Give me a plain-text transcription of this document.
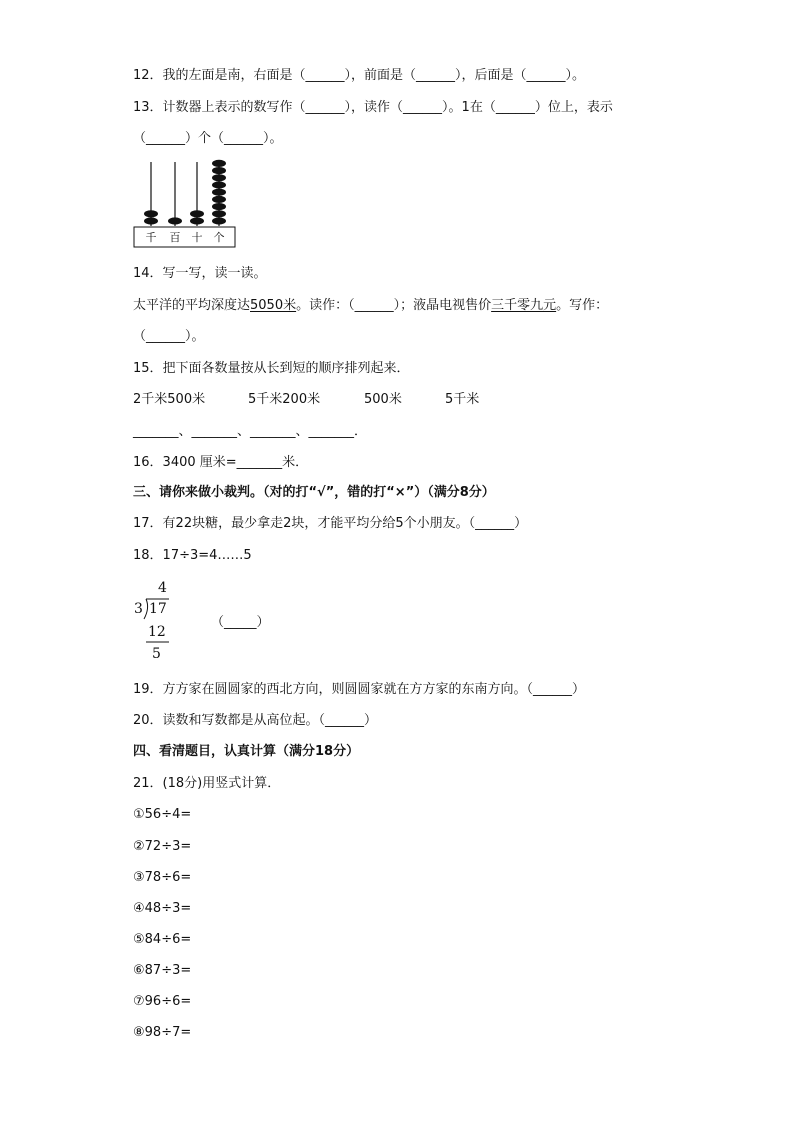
12．我的左面是南，右面是（______），前面是（______），后面是（______）。
13．计数器上表示的数写作（______），读作（______）。1在（______）位上，表示
（______）个（______）。
千 百 十 个
14．写一写，读一读。
太平洋的平均深度达5050米。读作：（______）；液晶电视售价三千零九元。写作：
（______）。
15．把下面各数量按从长到短的顺序排列起来．
2千米500米	5千米200米	500米	5千米
_______、_______、_______、_______．
16．3400 厘米=_______米．
三、请你来做小裁判。（对的打“√”，错的打“×”）（满分8分）
17．有22块糖，最少拿走2块，才能平均分给5个小朋友。（______）
18．17÷3=4……5
4
3 17
12
5
（_____）
19．方方家在圆圆家的西北方向，则圆圆家就在方方家的东南方向。（______）
20．读数和写数都是从高位起。（______）
四、看清题目，认真计算（满分18分）
21．(18分)用竖式计算．
①56÷4=
②72÷3=
③78÷6=
④48÷3=
⑤84÷6=
⑥87÷3=
⑦96÷6=
⑧98÷7=
